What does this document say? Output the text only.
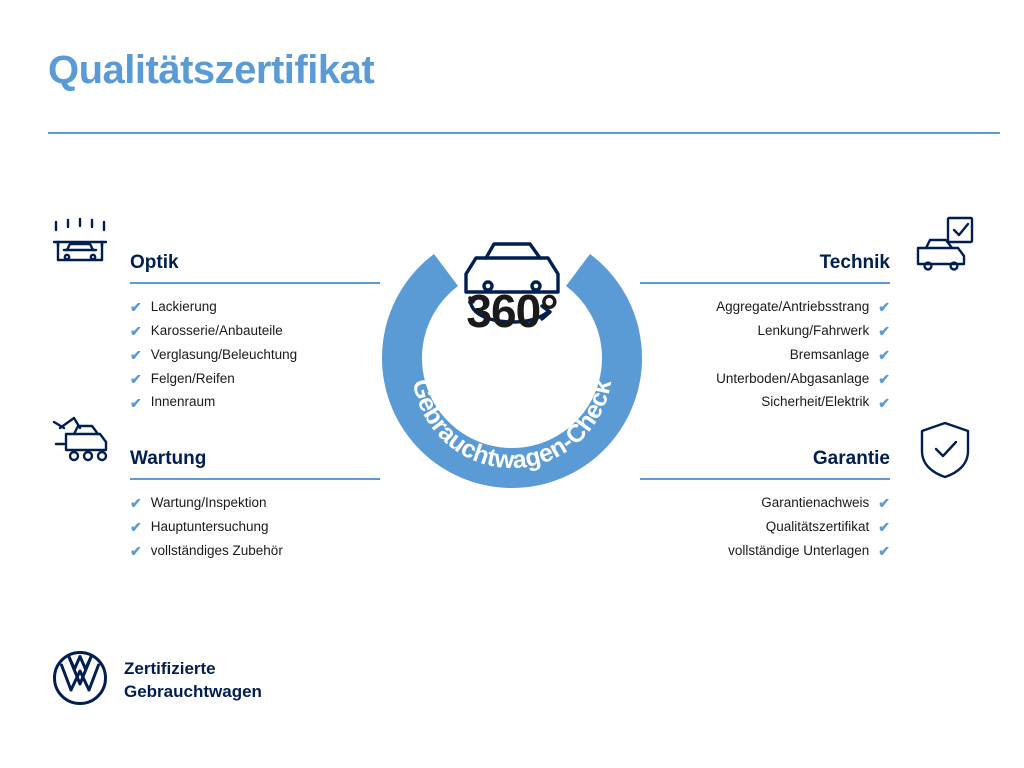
Qualitätszertifikat
Gebrauchtwagen-Check
360°
Optik
✔ Lackierung
✔ Karosserie/Anbauteile
✔ Verglasung/Beleuchtung
✔ Felgen/Reifen
✔ Innenraum
Wartung
✔ Wartung/Inspektion
✔ Hauptuntersuchung
✔ vollständiges Zubehör
Technik
✔
Aggregate/Antriebsstrang
✔
Lenkung/Fahrwerk
✔
Bremsanlage
✔
Unterboden/Abgasanlage
✔
Sicherheit/Elektrik
Garantie
✔
Garantienachweis
✔
Qualitätszertifikat
✔
vollständige Unterlagen
Zertifizierte
Gebrauchtwagen
